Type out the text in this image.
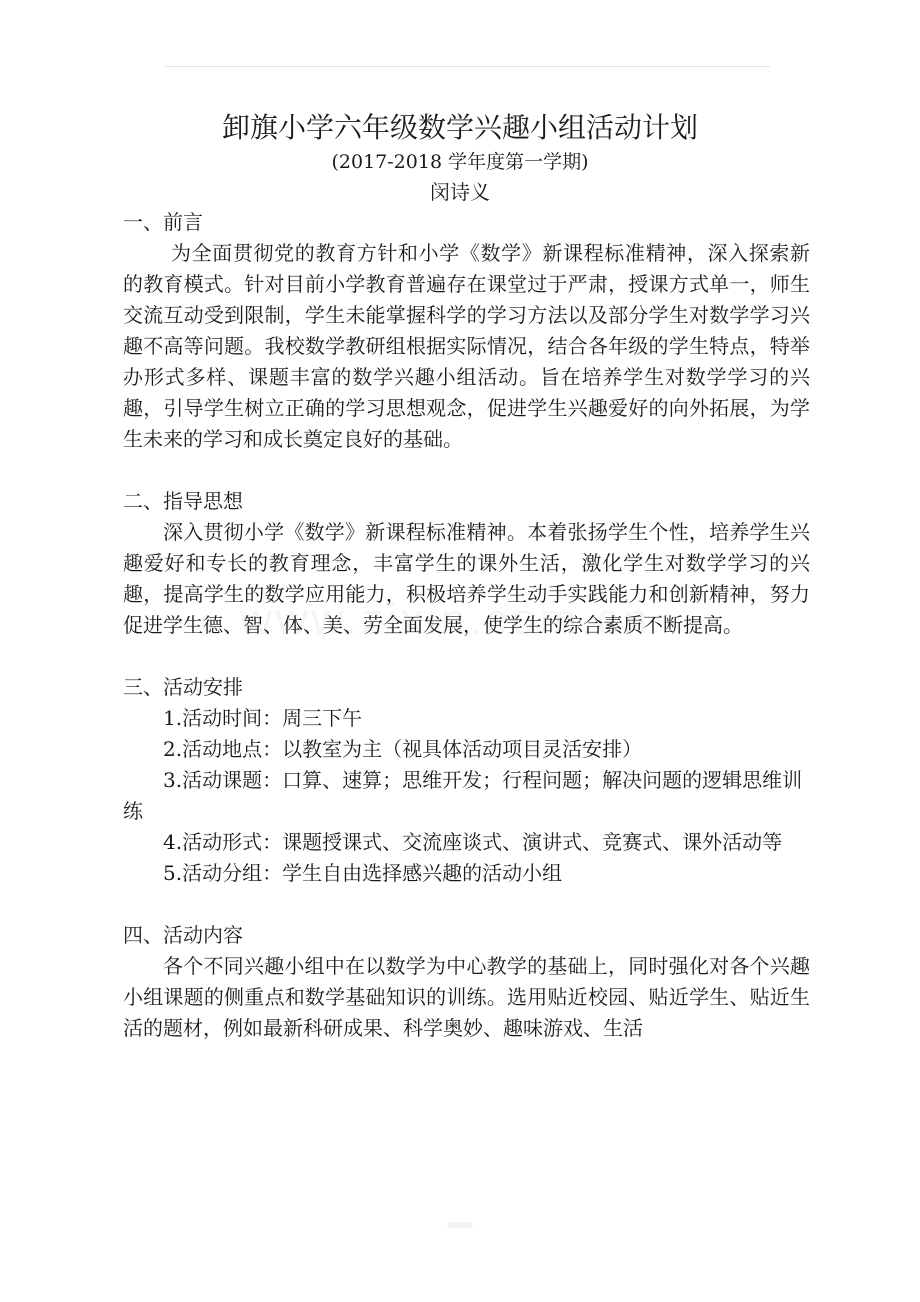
卸旗小学六年级数学兴趣小组活动计划
(2017-2018 学年度第一学期)
闵诗义
一、前言

为全面贯彻党的教育方针和小学《数学》新课程标准精神，深入探索新的教育模式。针对目前小学教育普遍存在课堂过于严肃，授课方式单一，师生交流互动受到限制，学生未能掌握科学的学习方法以及部分学生对数学学习兴趣不高等问题。我校数学教研组根据实际情况，结合各年级的学生特点，特举办形式多样、课题丰富的数学兴趣小组活动。旨在培养学生对数学学习的兴趣，引导学生树立正确的学习思想观念，促进学生兴趣爱好的向外拓展，为学生未来的学习和成长奠定良好的基础。

二、指导思想

深入贯彻小学《数学》新课程标准精神。本着张扬学生个性，培养学生兴趣爱好和专长的教育理念，丰富学生的课外生活，激化学生对数学学习的兴趣，提高学生的数学应用能力，积极培养学生动手实践能力和创新精神，努力促进学生德、智、体、美、劳全面发展，使学生的综合素质不断提高。

三、活动安排

1.活动时间：周三下午

2.活动地点：以教室为主（视具体活动项目灵活安排）

3.活动课题：口算、速算；思维开发；行程问题；解决问题的逻辑思维训练

4.活动形式：课题授课式、交流座谈式、演讲式、竞赛式、课外活动等

5.活动分组：学生自由选择感兴趣的活动小组

四、活动内容

各个不同兴趣小组中在以数学为中心教学的基础上，同时强化对各个兴趣小组课题的侧重点和数学基础知识的训练。选用贴近校园、贴近学生、贴近生活的题材，例如最新科研成果、科学奥妙、趣味游戏、生活
